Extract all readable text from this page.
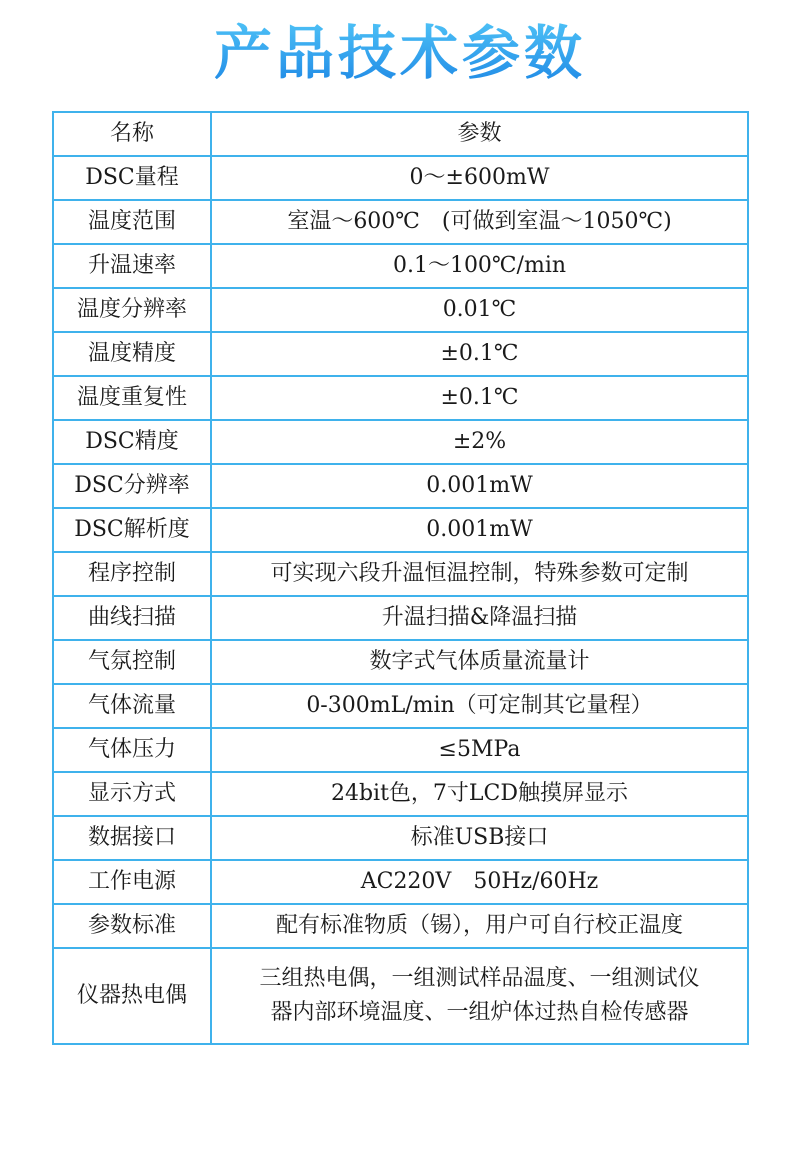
产品技术参数
名称	参数
DSC量程	0～±600mW
温度范围	室温～600℃　(可做到室温～1050℃)
升温速率	0.1～100℃/min
温度分辨率	0.01℃
温度精度	±0.1℃
温度重复性	±0.1℃
DSC精度	±2%
DSC分辨率	0.001mW
DSC解析度	0.001mW
程序控制	可实现六段升温恒温控制，特殊参数可定制
曲线扫描	升温扫描&降温扫描
气氛控制	数字式气体质量流量计
气体流量	0-300mL/min（可定制其它量程）
气体压力	≤5MPa
显示方式	24bit色，7寸LCD触摸屏显示
数据接口	标准USB接口
工作电源	AC220V　50Hz/60Hz
参数标准	配有标准物质（锡），用户可自行校正温度
仪器热电偶	三组热电偶，一组测试样品温度、一组测试仪
器内部环境温度、一组炉体过热自检传感器
